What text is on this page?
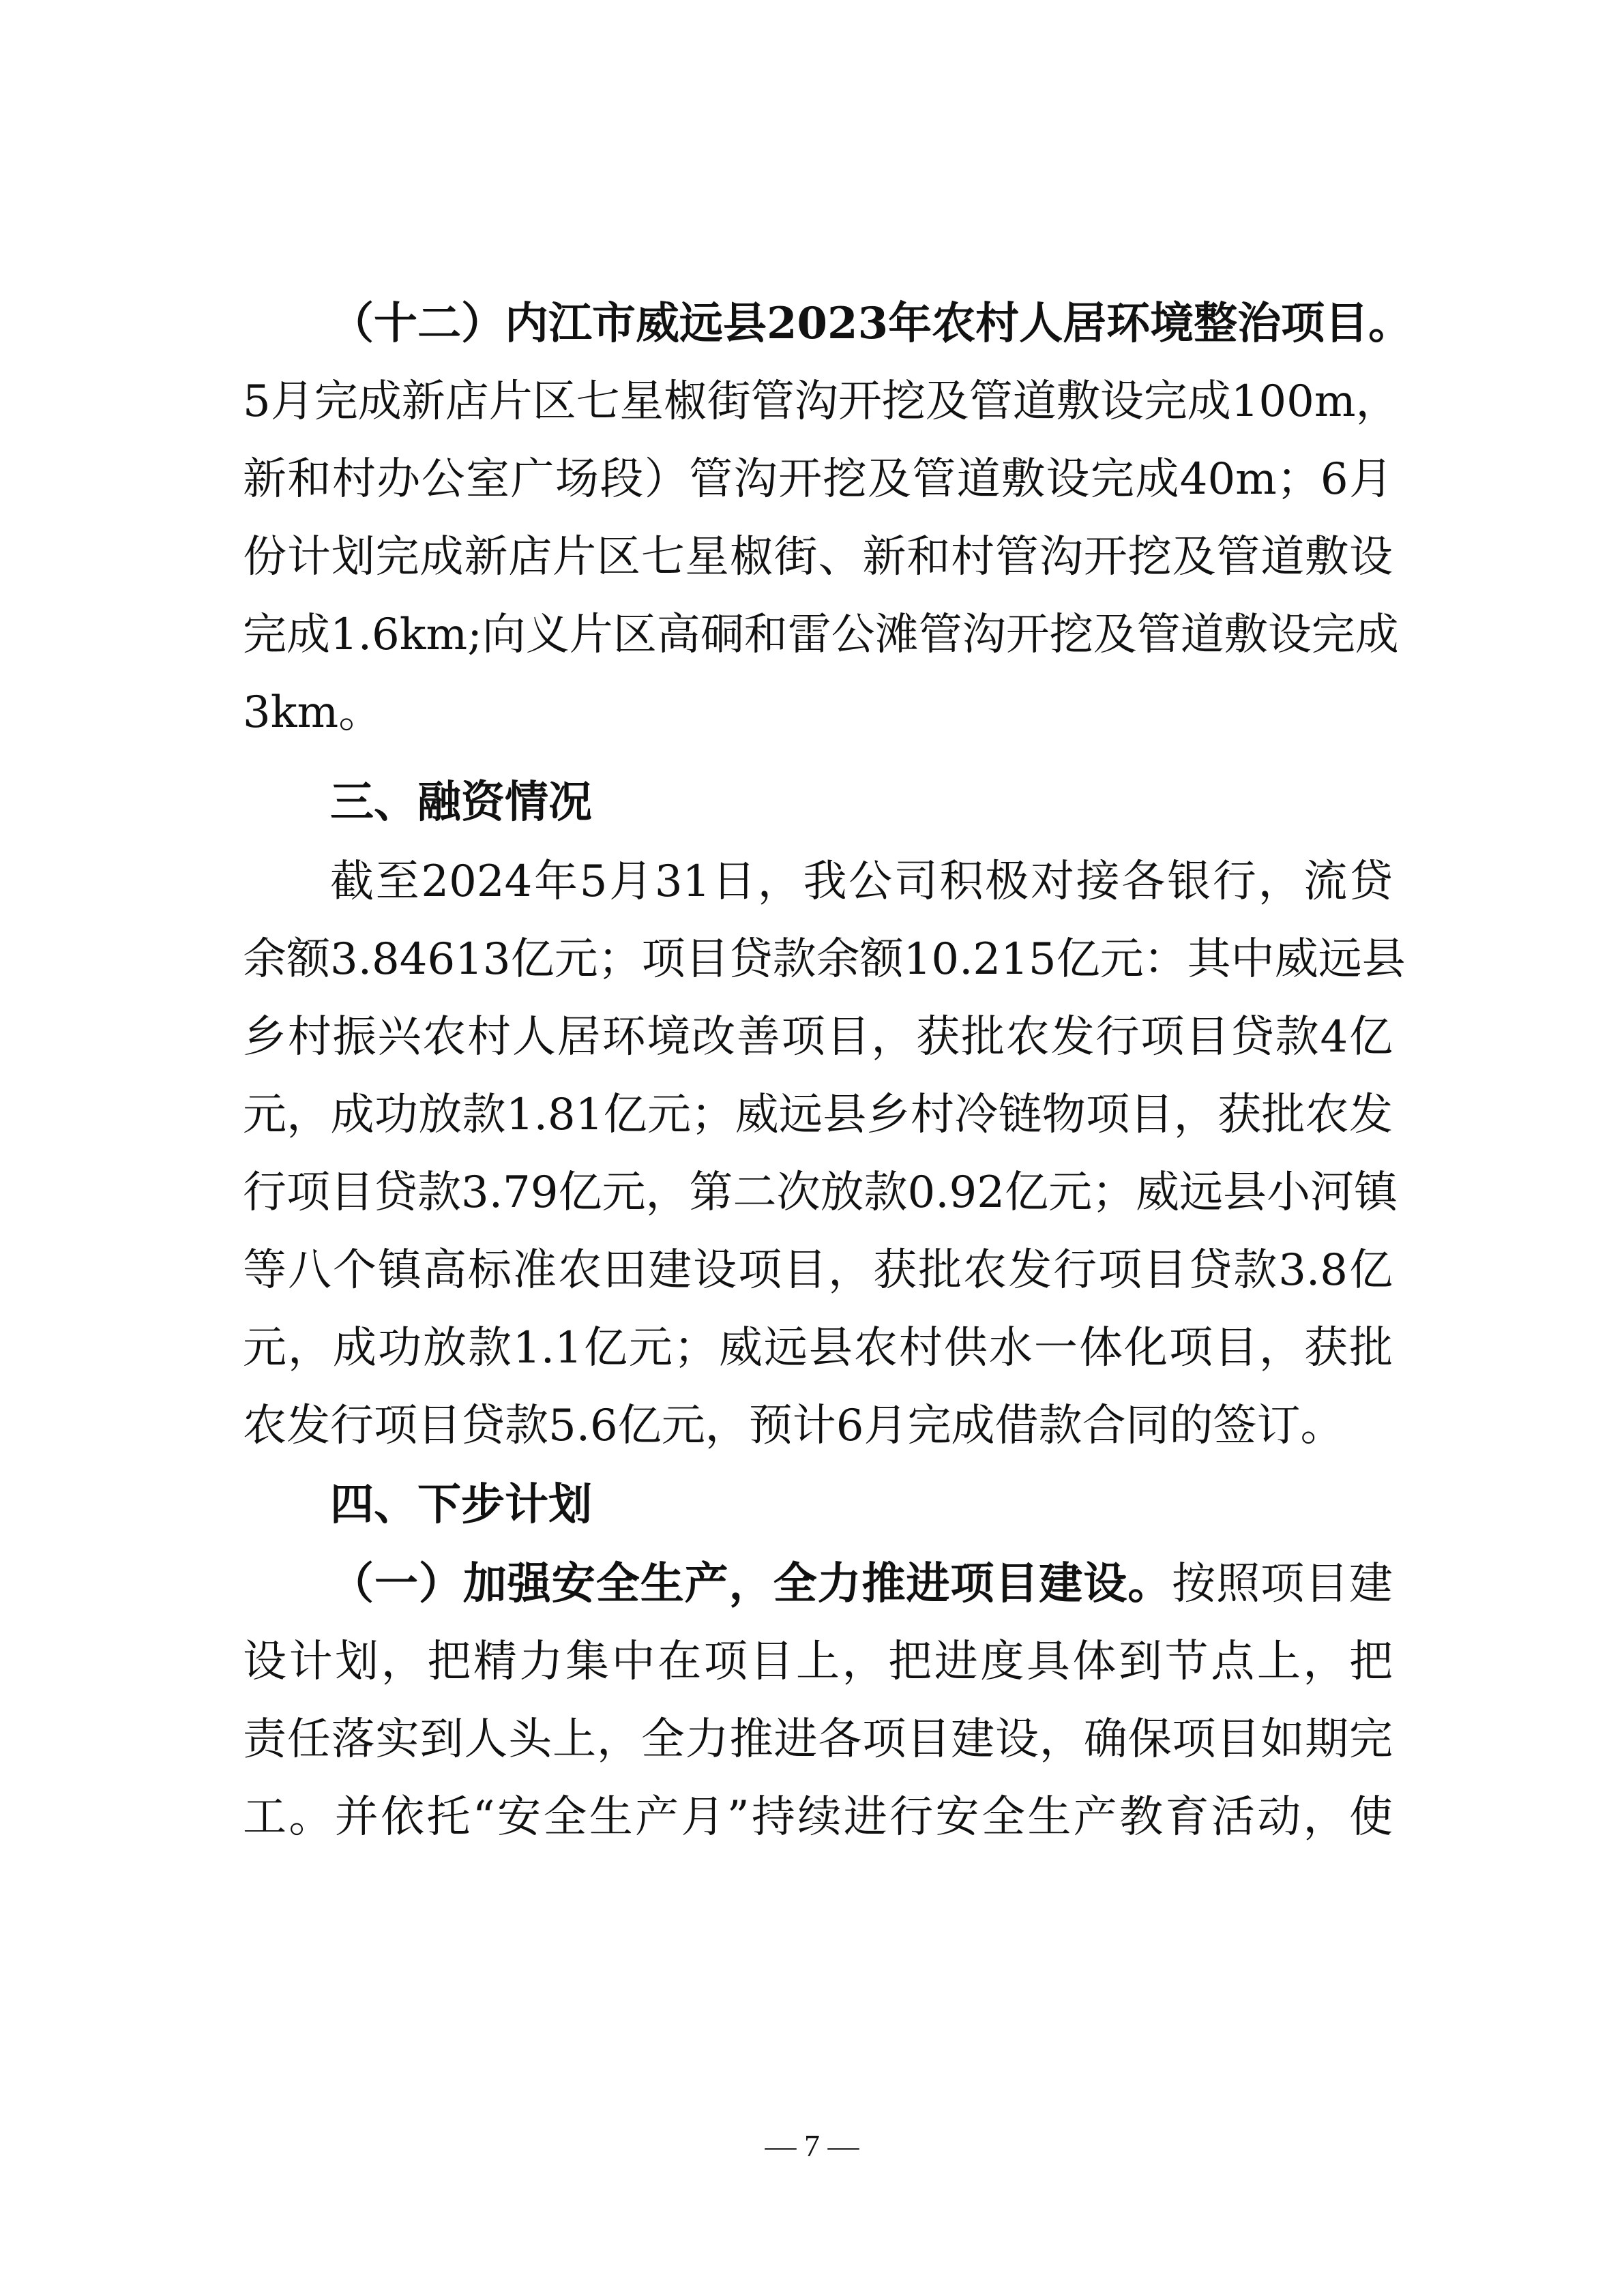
（十二）内江市威远县2023年农村人居环境整治项目。
5月完成新店片区七星椒街管沟开挖及管道敷设完成100m，
新和村办公室广场段）管沟开挖及管道敷设完成40m；6月
份计划完成新店片区七星椒街、新和村管沟开挖及管道敷设
完成1.6km;向义片区高硐和雷公滩管沟开挖及管道敷设完成
3km。
三、融资情况
截至2024年5月31日，我公司积极对接各银行，流贷
余额3.84613亿元；项目贷款余额10.215亿元：其中威远县
乡村振兴农村人居环境改善项目，获批农发行项目贷款4亿
元，成功放款1.81亿元；威远县乡村冷链物项目，获批农发
行项目贷款3.79亿元，第二次放款0.92亿元；威远县小河镇
等八个镇高标准农田建设项目，获批农发行项目贷款3.8亿
元，成功放款1.1亿元；威远县农村供水一体化项目，获批
农发行项目贷款5.6亿元，预计6月完成借款合同的签订。
四、下步计划
（一）加强安全生产，全力推进项目建设。按照项目建
设计划，把精力集中在项目上，把进度具体到节点上，把
责任落实到人头上，全力推进各项目建设，确保项目如期完
工。并依托“安全生产月”持续进行安全生产教育活动，使
— 7 —
